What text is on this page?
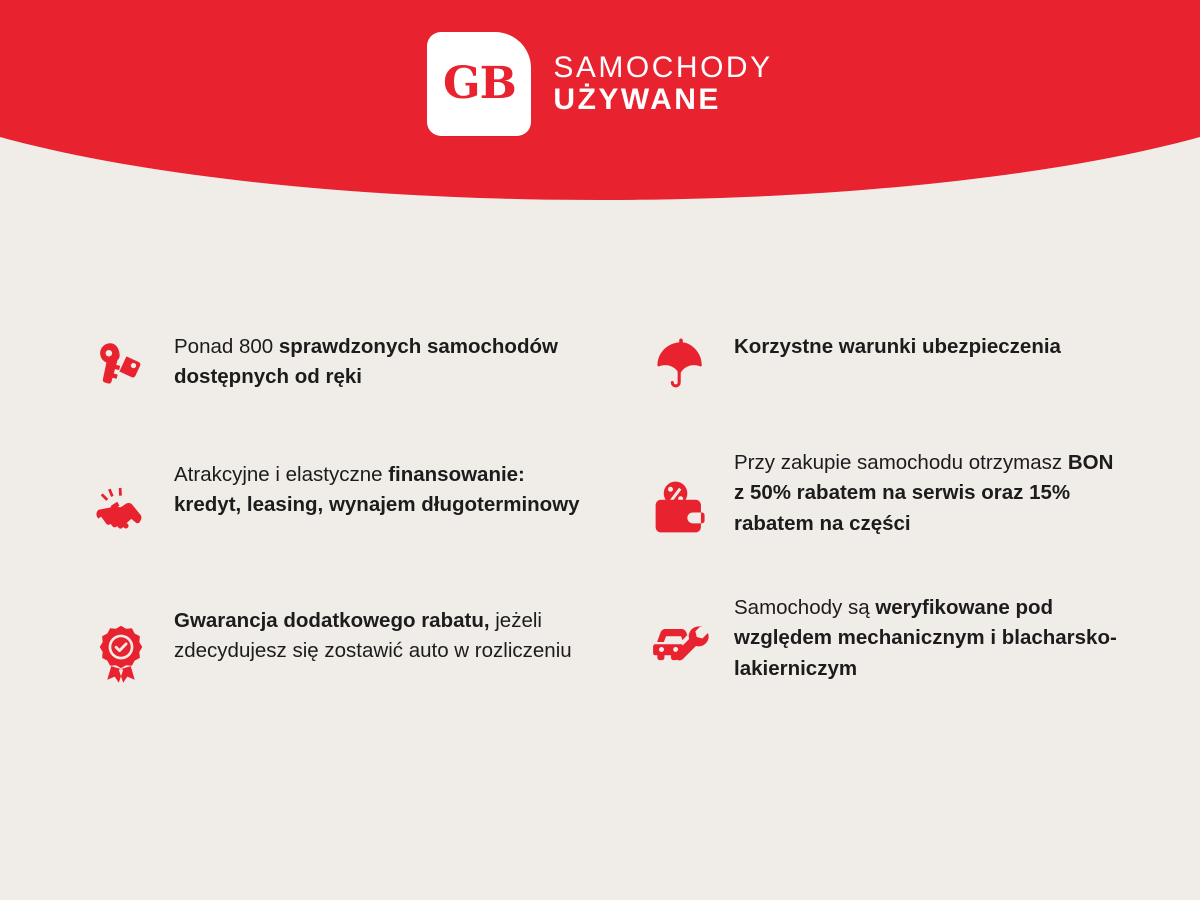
GB SAMOCHODY
UŻYWANE
Ponad 800 sprawdzonych samochodów dostępnych od ręki
Atrakcyjne i elastyczne finansowanie: kredyt, leasing, wynajem długoterminowy
Gwarancja dodatkowego rabatu, jeżeli zdecydujesz się zostawić auto w rozliczeniu
Korzystne warunki ubezpieczenia
Przy zakupie samochodu otrzymasz BON z 50% rabatem na serwis oraz 15% rabatem na części
Samochody są weryfikowane pod względem mechanicznym i blacharsko-lakierniczym
